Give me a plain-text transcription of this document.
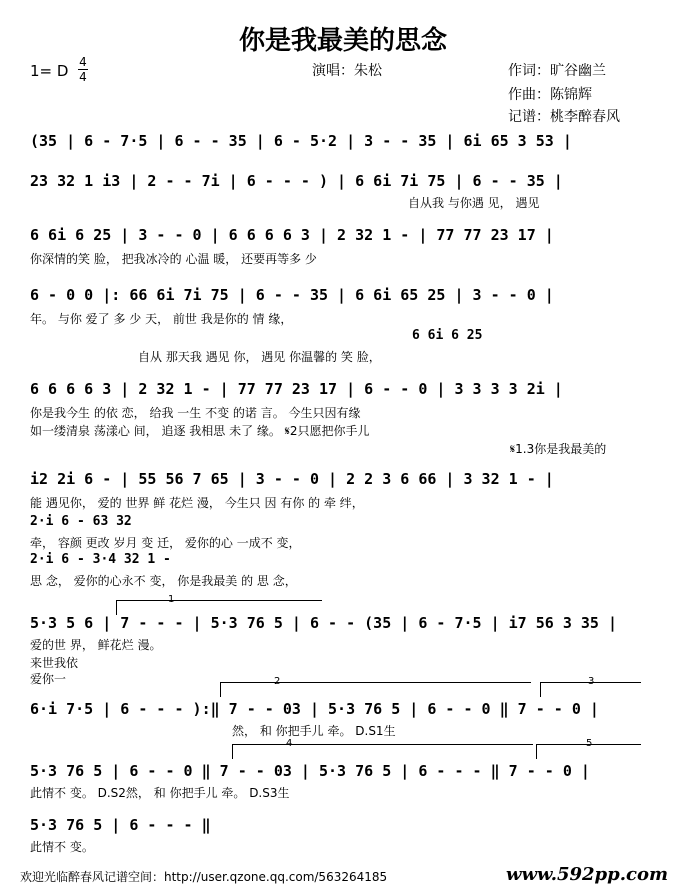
你是我最美的思念
1= D 4
4	演唱：朱松	作词：旷谷幽兰
作曲：陈锦辉
记谱：桃李醉春风
(35 | 6 - 7·5 | 6 - - 35 | 6 - 5·2 | 3 - - 35 | 6i 65 3 53 |
23 32 1 i3 | 2 - - 7i | 6 - - - ) | 6 6i 7i 75 | 6 - - 35 |
自从我 与你遇 见， 遇见
6 6i 6 25 | 3 - - 0 | 6 6 6 6 3 | 2 32 1 - | 77 77 23 17 |
你深情的笑 脸， 把我冰冷的 心温 暖， 还要再等多 少
6 - 0 0 |: 66 6i 7i 75 | 6 - - 35 | 6 6i 65 25 | 3 - - 0 |
年。 与你 爱了 多 少 天， 前世 我是你的 情 缘，
6 6i 6 25
自从 那天我 遇见 你， 遇见 你温馨的 笑 脸，
6 6 6 6 3 | 2 32 1 - | 77 77 23 17 | 6 - - 0 | 3 3 3 3 2i |
你是我今生 的依 恋， 给我 一生 不变 的诺 言。 今生只因有缘
如一缕清泉 荡漾心 间， 追逐 我相思 未了 缘。 𝄋2只愿把你手儿
𝄋1.3你是我最美的
i2 2i 6 - | 55 56 7 65 | 3 - - 0 | 2 2 3 6 66 | 3 32 1 - |
能 遇见你， 爱的 世界 鲜 花烂 漫， 今生只 因 有你 的 牵 绊，
2·i 6 - 63 32
牵， 容颜 更改 岁月 变 迁， 爱你的心 一成不 变，
2·i 6 - 3·4 32 1 -
思 念， 爱你的心永不 变， 你是我最美 的 思 念，
1
5·3 5 6 | 7 - - - | 5·3 76 5 | 6 - - (35 | 6 - 7·5 | i7 56 3 35 |
爱的世 界， 鲜花烂 漫。
来世我依
爱你一	2	3
6·i 7·5 | 6 - - - ):‖ 7 - - 03 | 5·3 76 5 | 6 - - 0 ‖ 7 - - 0 |
然， 和 你把手儿 牵。 D.S1生
4	5
5·3 76 5 | 6 - - 0 ‖ 7 - - 03 | 5·3 76 5 | 6 - - - ‖ 7 - - 0 |
此情不 变。 D.S2然， 和 你把手儿 牵。 D.S3生
5·3 76 5 | 6 - - - ‖
此情不 变。
欢迎光临醉春风记谱空间：http://user.qzone.qq.com/563264185	www.592pp.com
